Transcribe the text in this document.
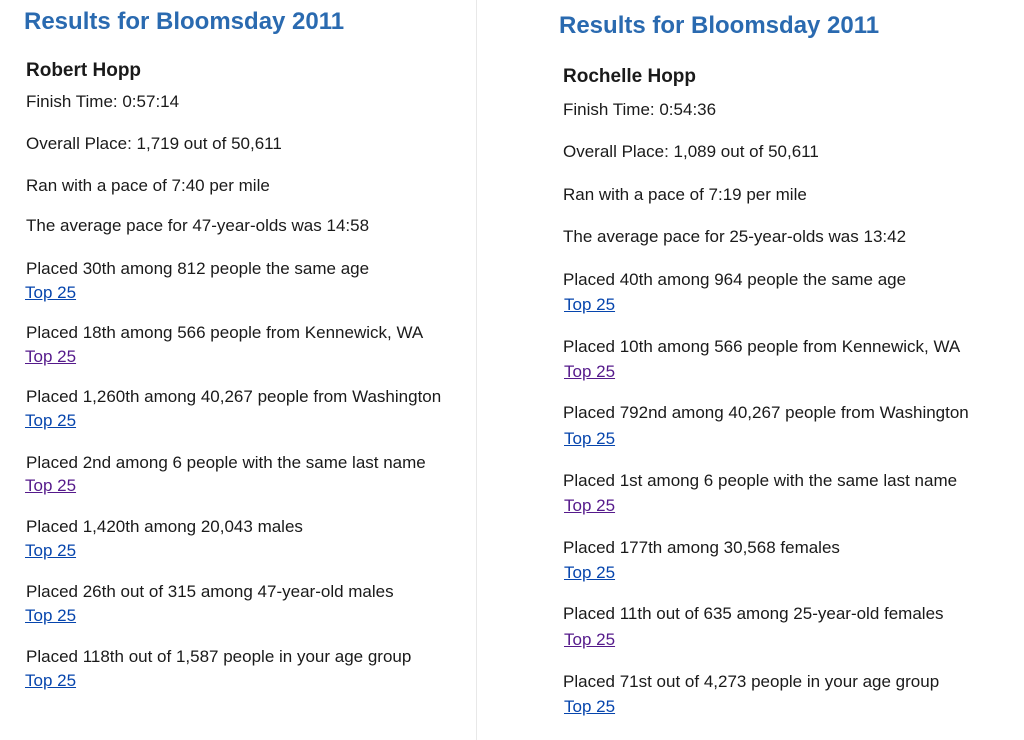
Results for Bloomsday 2011
Robert Hopp

Finish Time: 0:57:14

Overall Place: 1,719 out of 50,611

Ran with a pace of 7:40 per mile

The average pace for 47-year-olds was 14:58

Placed 30th among 812 people the same age

Top 25

Placed 18th among 566 people from Kennewick, WA

Top 25

Placed 1,260th among 40,267 people from Washington

Top 25

Placed 2nd among 6 people with the same last name

Top 25

Placed 1,420th among 20,043 males

Top 25

Placed 26th out of 315 among 47-year-old males

Top 25

Placed 118th out of 1,587 people in your age group

Top 25
Results for Bloomsday 2011
Rochelle Hopp

Finish Time: 0:54:36

Overall Place: 1,089 out of 50,611

Ran with a pace of 7:19 per mile

The average pace for 25-year-olds was 13:42

Placed 40th among 964 people the same age

Top 25

Placed 10th among 566 people from Kennewick, WA

Top 25

Placed 792nd among 40,267 people from Washington

Top 25

Placed 1st among 6 people with the same last name

Top 25

Placed 177th among 30,568 females

Top 25

Placed 11th out of 635 among 25-year-old females

Top 25

Placed 71st out of 4,273 people in your age group

Top 25
